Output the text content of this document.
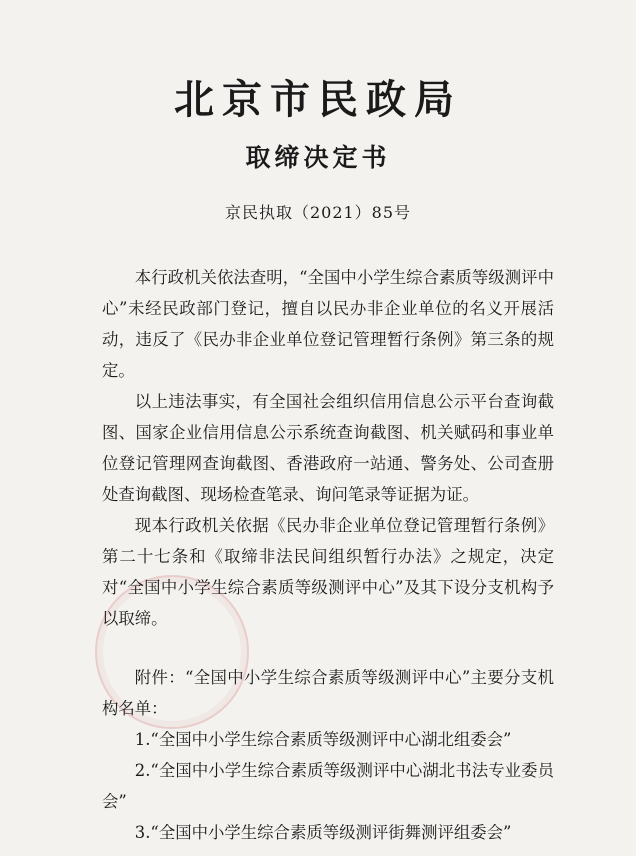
北京市民政局
取缔决定书
京民执取（2021）85号

本行政机关依法查明，“全国中小学生综合素质等级测评中心”未经民政部门登记，擅自以民办非企业单位的名义开展活动，违反了《民办非企业单位登记管理暂行条例》第三条的规定。

以上违法事实，有全国社会组织信用信息公示平台查询截图、国家企业信用信息公示系统查询截图、机关赋码和事业单位登记管理网查询截图、香港政府一站通、警务处、公司查册处查询截图、现场检查笔录、询问笔录等证据为证。

现本行政机关依据《民办非企业单位登记管理暂行条例》第二十七条和《取缔非法民间组织暂行办法》之规定，决定对“全国中小学生综合素质等级测评中心”及其下设分支机构予以取缔。

附件：“全国中小学生综合素质等级测评中心”主要分支机构名单：

1.“全国中小学生综合素质等级测评中心湖北组委会”

2.“全国中小学生综合素质等级测评中心湖北书法专业委员会”

3.“全国中小学生综合素质等级测评街舞测评组委会”
